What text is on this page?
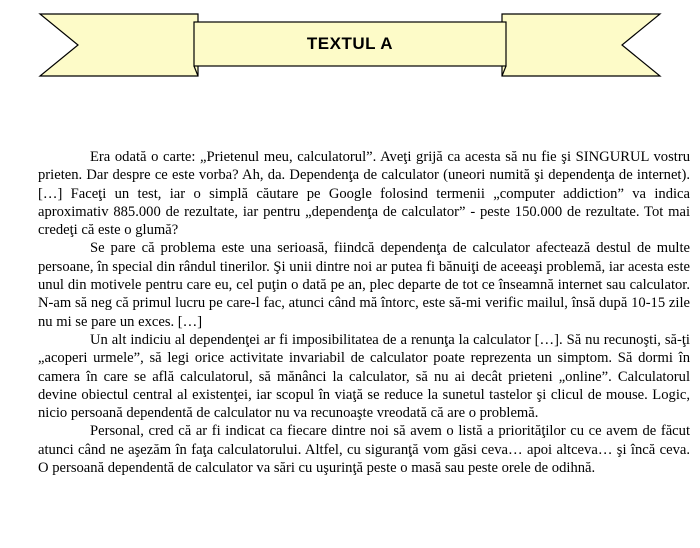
TEXTUL A

Era odată o carte: „Prietenul meu, calculatorul”. Aveţi grijă ca acesta să nu fie şi SINGURUL vostru prieten. Dar despre ce este vorba? Ah, da. Dependenţa de calculator (uneori numită şi dependenţa de internet). […] Faceţi un test, iar o simplă căutare pe Google folosind termenii „computer addiction” va indica aproximativ 885.000 de rezultate, iar pentru „dependenţa de calculator” - peste 150.000 de rezultate. Tot mai credeţi că este o glumă?

Se pare că problema este una serioasă, fiindcă dependenţa de calculator afectează destul de multe persoane, în special din rândul tinerilor. Şi unii dintre noi ar putea fi bănuiţi de aceeaşi problemă, iar acesta este unul din motivele pentru care eu, cel puţin o dată pe an, plec departe de tot ce înseamnă internet sau calculator. N-am să neg că primul lucru pe care-l fac, atunci când mă întorc, este să-mi verific mailul, însă după 10-15 zile nu mi se pare un exces. […]

Un alt indiciu al dependenţei ar fi imposibilitatea de a renunţa la calculator […]. Să nu recunoşti, să-ţi „acoperi urmele”, să legi orice activitate invariabil de calculator poate reprezenta un simptom. Să dormi în camera în care se află calculatorul, să mănânci la calculator, să nu ai decât prieteni „online”. Calculatorul devine obiectul central al existenţei, iar scopul în viaţă se reduce la sunetul tastelor şi clicul de mouse. Logic, nicio persoană dependentă de calculator nu va recunoaşte vreodată că are o problemă.

Personal, cred că ar fi indicat ca fiecare dintre noi să avem o listă a priorităţilor cu ce avem de făcut atunci când ne aşezăm în faţa calculatorului. Altfel, cu siguranţă vom găsi ceva… apoi altceva… şi încă ceva. O persoană dependentă de calculator va sări cu uşurinţă peste o masă sau peste orele de odihnă.
